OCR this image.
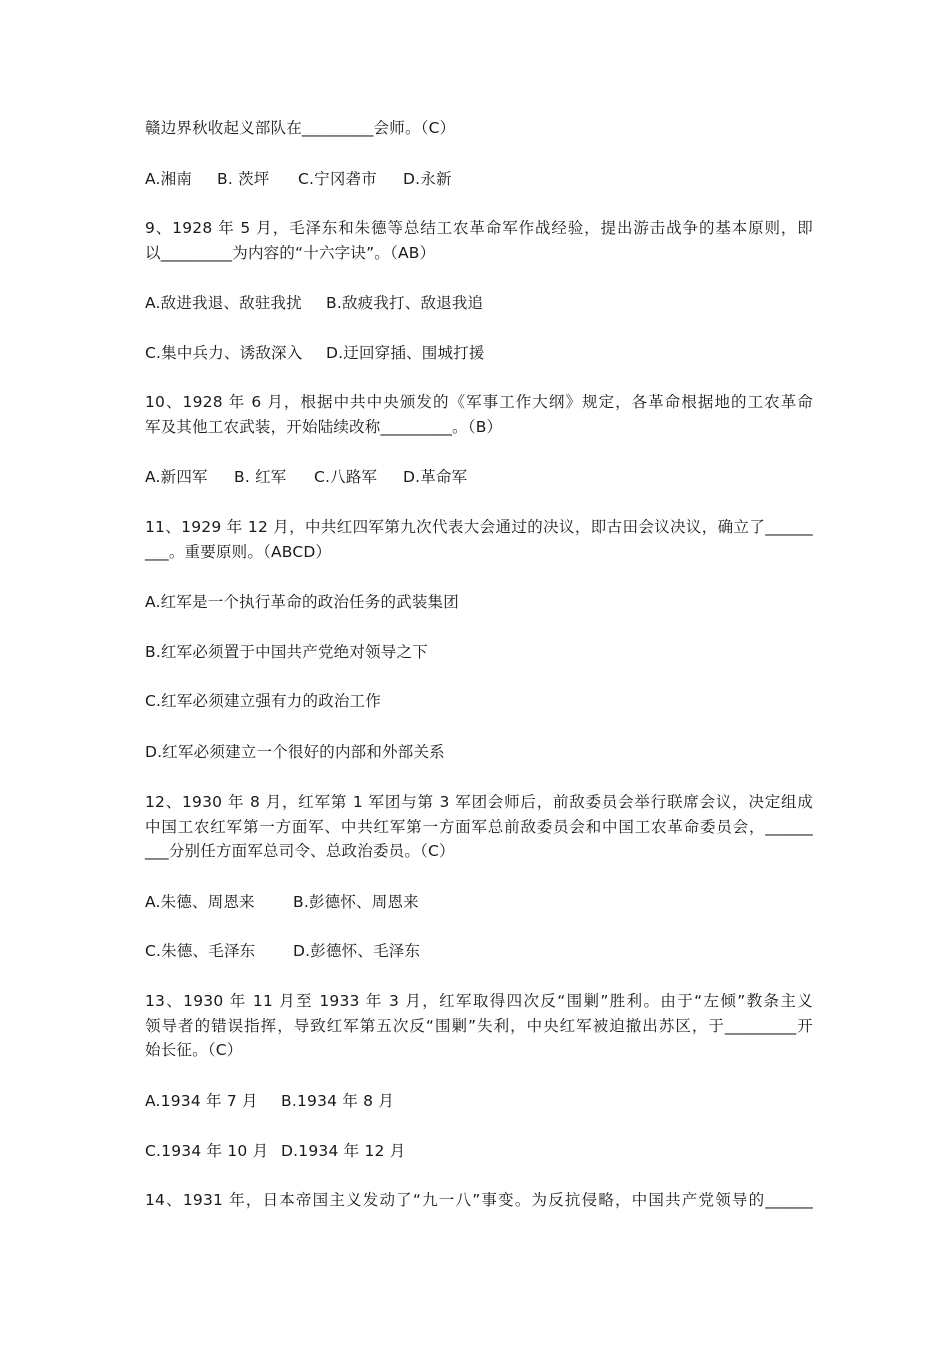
赣边界秋收起义部队在_________会师。（C）
A.湘南 B. 茨坪 C.宁冈砻市 D.永新
9、1928 年 5 月，毛泽东和朱德等总结工农革命军作战经验，提出游击战争的基本原则，即
以_________为内容的“十六字诀”。（AB）
A.敌进我退、敌驻我扰 B.敌疲我打、敌退我追
C.集中兵力、诱敌深入 D.迂回穿插、围城打援
10、1928 年 6 月，根据中共中央颁发的《军事工作大纲》规定，各革命根据地的工农革命
军及其他工农武装，开始陆续改称_________。（B）
A.新四军 B. 红军 C.八路军 D.革命军
11、1929 年 12 月，中共红四军第九次代表大会通过的决议，即古田会议决议，确立了______
___。重要原则。（ABCD）
A.红军是一个执行革命的政治任务的武装集团
B.红军必须置于中国共产党绝对领导之下
C.红军必须建立强有力的政治工作
D.红军必须建立一个很好的内部和外部关系
12、1930 年 8 月，红军第 1 军团与第 3 军团会师后，前敌委员会举行联席会议，决定组成
中国工农红军第一方面军、中共红军第一方面军总前敌委员会和中国工农革命委员会，______
___分别任方面军总司令、总政治委员。（C）
A.朱德、周恩来 B.彭德怀、周恩来
C.朱德、毛泽东 D.彭德怀、毛泽东
13、1930 年 11 月至 1933 年 3 月，红军取得四次反“围剿”胜利。由于“左倾”教条主义
领导者的错误指挥，导致红军第五次反“围剿”失利，中央红军被迫撤出苏区，于_________开
始长征。（C）
A.1934 年 7 月 B.1934 年 8 月
C.1934 年 10 月 D.1934 年 12 月
14、1931 年，日本帝国主义发动了“九一八”事变。为反抗侵略，中国共产党领导的______
